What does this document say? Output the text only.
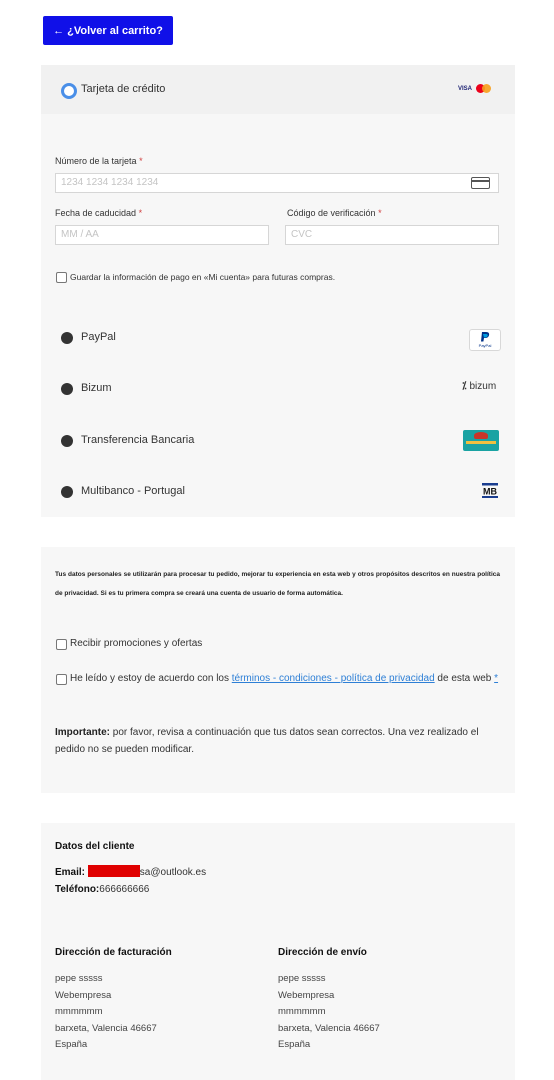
← ¿Volver al carrito?
Tarjeta de crédito	VISA
Número de la tarjeta *
1234 1234 1234 1234
Fecha de caducidad *
MM / AA
Código de verificación *
CVC
Guardar la información de pago en «Mi cuenta» para futuras compras.
PayPal
PayPal
Bizum	⁒ bizum
Transferencia Bancaria
Multibanco - Portugal	MB
Tus datos personales se utilizarán para procesar tu pedido, mejorar tu experiencia en esta web y otros propósitos descritos en nuestra política de privacidad. Si es tu primera compra se creará una cuenta de usuario de forma automática.
Recibir promociones y ofertas
He leído y estoy de acuerdo con los términos - condiciones - política de privacidad de esta web *
Importante: por favor, revisa a continuación que tus datos sean correctos. Una vez realizado el pedido no se pueden modificar.
Datos del cliente
Email:	sa@outlook.es
Teléfono:666666666
Dirección de facturación
pepe sssss
Webempresa
mmmmmm
barxeta, Valencia 46667
España
Dirección de envío
pepe sssss
Webempresa
mmmmmm
barxeta, Valencia 46667
España
